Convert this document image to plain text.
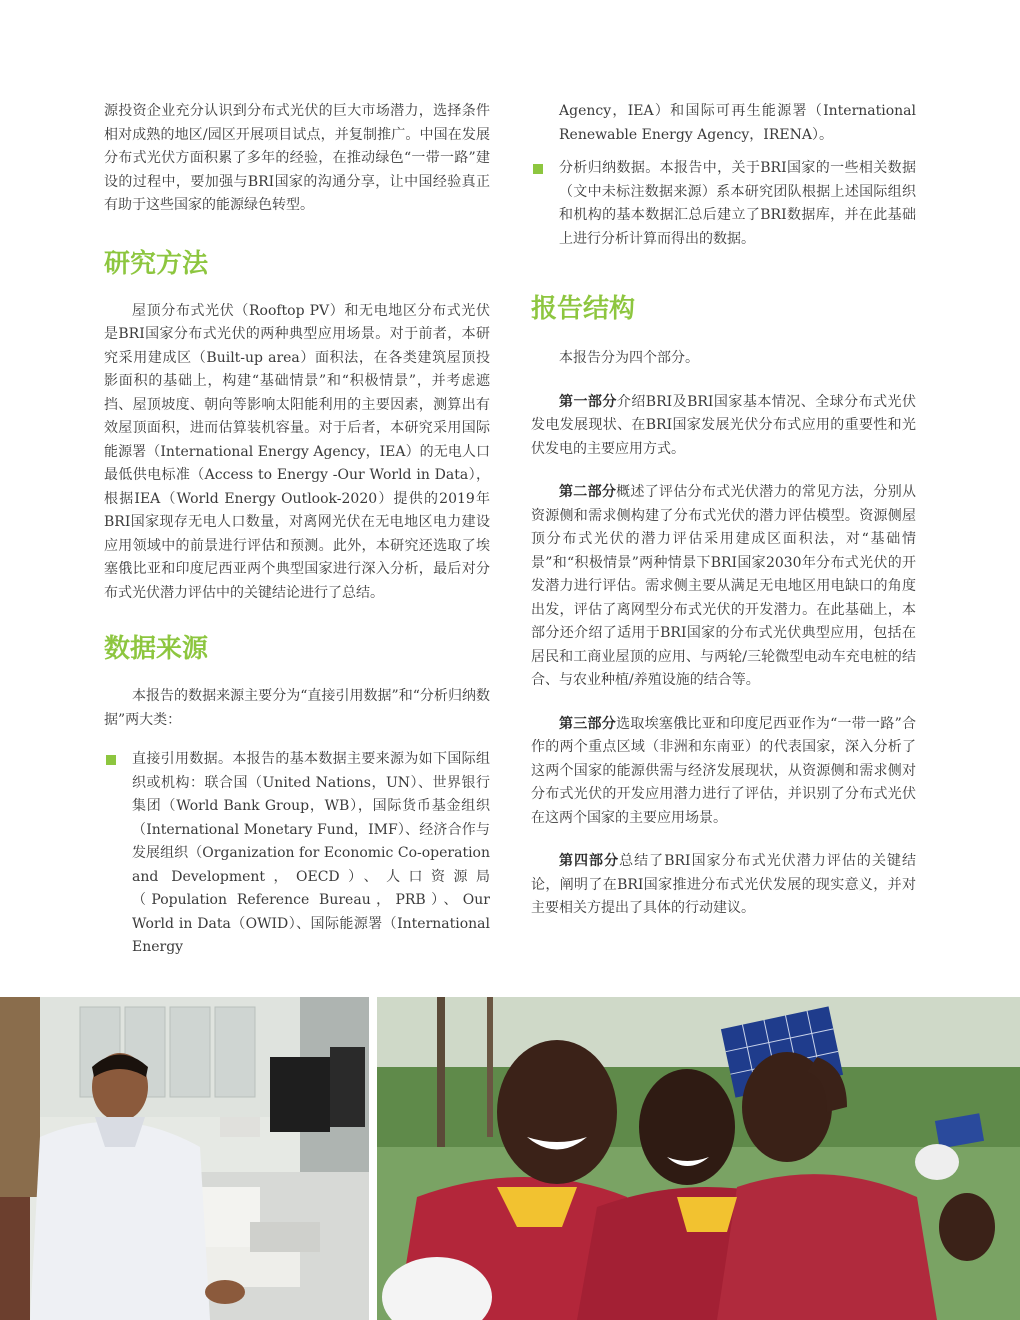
源投资企业充分认识到分布式光伏的巨大市场潜力，选择条件相对成熟的地区/园区开展项目试点，并复制推广。中国在发展分布式光伏方面积累了多年的经验，在推动绿色“一带一路”建设的过程中，要加强与BRI国家的沟通分享，让中国经验真正有助于这些国家的能源绿色转型。

研究方法

屋顶分布式光伏（Rooftop PV）和无电地区分布式光伏是BRI国家分布式光伏的两种典型应用场景。对于前者，本研究采用建成区（Built-up area）面积法，在各类建筑屋顶投影面积的基础上，构建“基础情景”和“积极情景”，并考虑遮挡、屋顶坡度、朝向等影响太阳能利用的主要因素，测算出有效屋顶面积，进而估算装机容量。对于后者，本研究采用国际能源署（International Energy Agency，IEA）的无电人口最低供电标准（Access to Energy -Our World in Data），根据IEA（World Energy Outlook-2020）提供的2019年BRI国家现存无电人口数量，对离网光伏在无电地区电力建设应用领域中的前景进行评估和预测。此外，本研究还选取了埃塞俄比亚和印度尼西亚两个典型国家进行深入分析，最后对分布式光伏潜力评估中的关键结论进行了总结。

数据来源

本报告的数据来源主要分为“直接引用数据”和“分析归纳数据”两大类：

直接引用数据。本报告的基本数据主要来源为如下国际组织或机构：联合国（United Nations，UN）、世界银行集团（World Bank Group，WB），国际货币基金组织（International Monetary Fund，IMF）、经济合作与发展组织（Organization for Economic Co-operation and Development，OECD）、人口资源局（Population Reference Bureau，PRB）、Our World in Data（OWID）、国际能源署（International Energy

Agency，IEA）和国际可再生能源署（International Renewable Energy Agency，IRENA）。

分析归纳数据。本报告中，关于BRI国家的一些相关数据（文中未标注数据来源）系本研究团队根据上述国际组织和机构的基本数据汇总后建立了BRI数据库，并在此基础上进行分析计算而得出的数据。

报告结构

本报告分为四个部分。

第一部分介绍BRI及BRI国家基本情况、全球分布式光伏发电发展现状、在BRI国家发展光伏分布式应用的重要性和光伏发电的主要应用方式。

第二部分概述了评估分布式光伏潜力的常见方法，分别从资源侧和需求侧构建了分布式光伏的潜力评估模型。资源侧屋顶分布式光伏的潜力评估采用建成区面积法，对“基础情景”和“积极情景”两种情景下BRI国家2030年分布式光伏的开发潜力进行评估。需求侧主要从满足无电地区用电缺口的角度出发，评估了离网型分布式光伏的开发潜力。在此基础上，本部分还介绍了适用于BRI国家的分布式光伏典型应用，包括在居民和工商业屋顶的应用、与两轮/三轮微型电动车充电桩的结合、与农业种植/养殖设施的结合等。

第三部分选取埃塞俄比亚和印度尼西亚作为“一带一路”合作的两个重点区域（非洲和东南亚）的代表国家，深入分析了这两个国家的能源供需与经济发展现状，从资源侧和需求侧对分布式光伏的开发应用潜力进行了评估，并识别了分布式光伏在这两个国家的主要应用场景。

第四部分总结了BRI国家分布式光伏潜力评估的关键结论，阐明了在BRI国家推进分布式光伏发展的现实意义，并对主要相关方提出了具体的行动建议。
